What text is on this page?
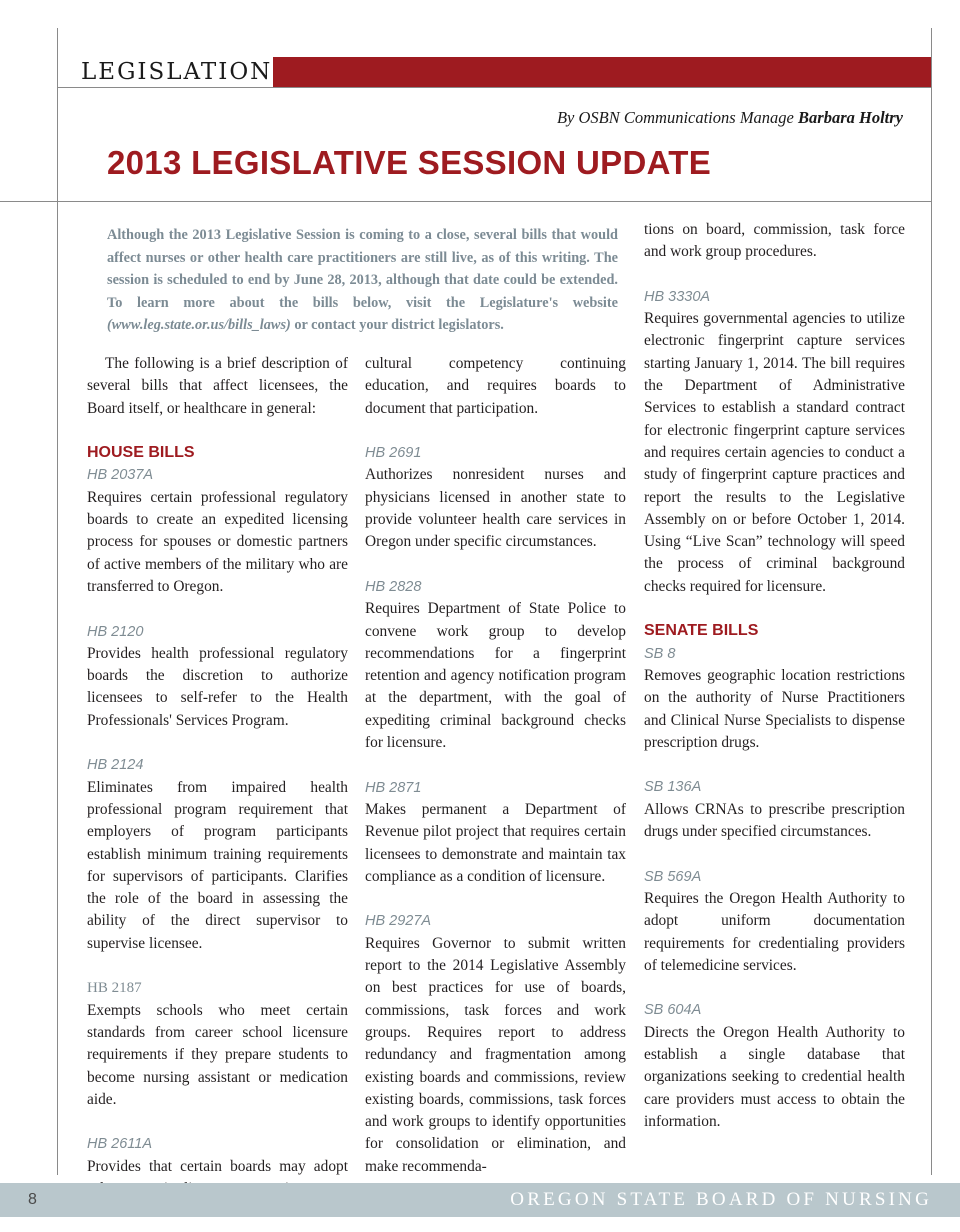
LEGISLATION
By OSBN Communications Manage Barbara Holtry
2013 LEGISLATIVE SESSION UPDATE

Although the 2013 Legislative Session is coming to a close, several bills that would affect nurses or other health care practitioners are still live, as of this writing. The session is scheduled to end by June 28, 2013, although that date could be extended. To learn more about the bills below, visit the Legislature's website (www.leg.state.or.us/bills_laws) or contact your district legislators.

The following is a brief description of several bills that affect licensees, the Board itself, or healthcare in general:

HOUSE BILLS
HB 2037A

Requires certain professional regulatory boards to create an expedited licensing process for spouses or domestic partners of active members of the military who are transferred to Oregon.

HB 2120

Provides health professional regulatory boards the discretion to authorize licensees to self-refer to the Health Professionals' Services Program.

HB 2124

Eliminates from impaired health professional program requirement that employers of program participants establish minimum training requirements for supervisors of participants. Clarifies the role of the board in assessing the ability of the direct supervisor to supervise licensee.

HB 2187

Exempts schools who meet certain standards from career school licensure requirements if they prepare students to become nursing assistant or medication aide.

HB 2611A

Provides that certain boards may adopt

cultural competency continuing education, and requires boards to document that participation.

HB 2691

Authorizes nonresident nurses and physicians licensed in another state to provide volunteer health care services in Oregon under specific circumstances.

HB 2828

Requires Department of State Police to convene work group to develop recommendations for a fingerprint retention and agency notification program at the department, with the goal of expediting criminal background checks for licensure.

HB 2871

Makes permanent a Department of Revenue pilot project that requires certain licensees to demonstrate and maintain tax compliance as a condition of licensure.

HB 2927A

Requires Governor to submit written report to the 2014 Legislative Assembly on best practices for use of boards, commissions, task forces and work groups. Requires report to address redundancy and fragmentation among existing boards and commissions, review existing boards, commissions, task forces and work groups to identify opportunities for consolidation or elimination, and make recommenda-

tions on board, commission, task force and work group procedures.

HB 3330A

Requires governmental agencies to utilize electronic fingerprint capture services starting January 1, 2014. The bill requires the Department of Administrative Services to establish a standard contract for electronic fingerprint capture services and requires certain agencies to conduct a study of fingerprint capture practices and report the results to the Legislative Assembly on or before October 1, 2014. Using “Live Scan” technology will speed the process of criminal background checks required for licensure.

SENATE BILLS
SB 8

Removes geographic location restrictions on the authority of Nurse Practitioners and Clinical Nurse Specialists to dispense prescription drugs.

SB 136A

Allows CRNAs to prescribe prescription drugs under specified circumstances.

SB 569A

Requires the Oregon Health Authority to adopt uniform documentation requirements for credentialing providers of telemedicine services.

SB 604A

Directs the Oregon Health Authority to establish a single database that organizations seeking to credential health care providers must access to obtain the information.

8	OREGON STATE BOARD OF NURSING
